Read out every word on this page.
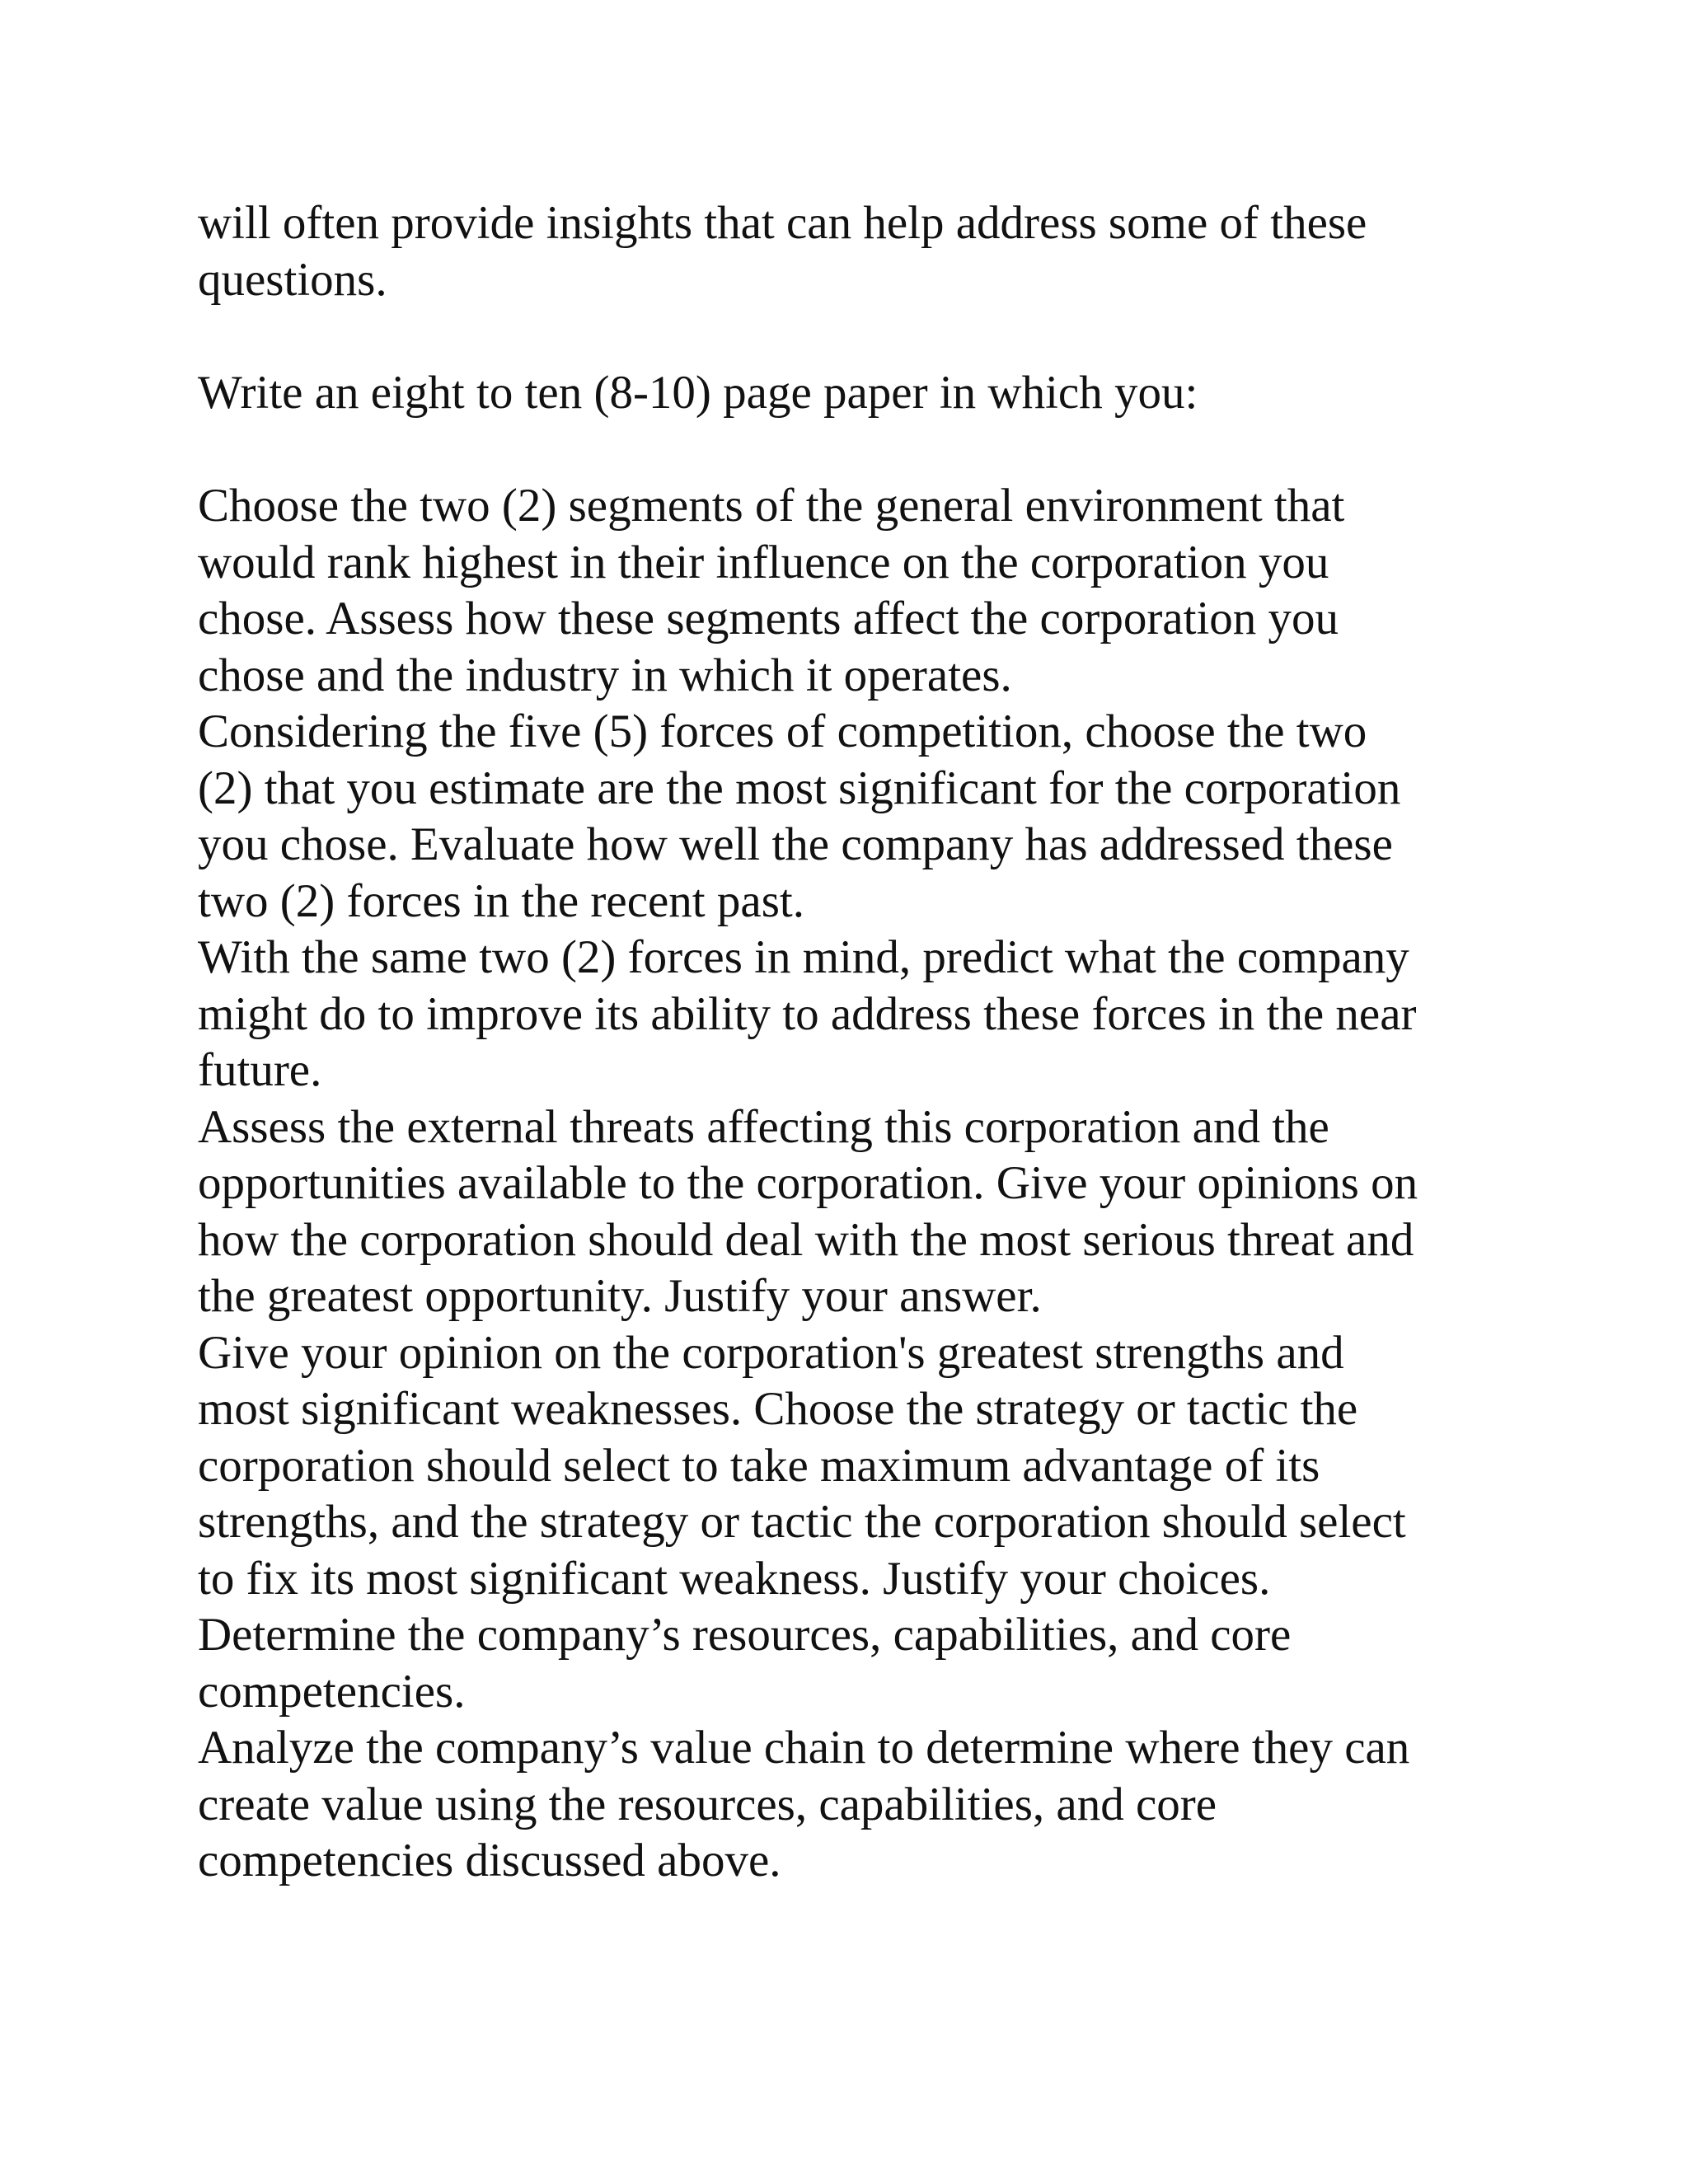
will often provide insights that can help address some of these
questions.

Write an eight to ten (8-10) page paper in which you:

Choose the two (2) segments of the general environment that
would rank highest in their influence on the corporation you
chose. Assess how these segments affect the corporation you
chose and the industry in which it operates.

Considering the five (5) forces of competition, choose the two
(2) that you estimate are the most significant for the corporation
you chose. Evaluate how well the company has addressed these
two (2) forces in the recent past.

With the same two (2) forces in mind, predict what the company
might do to improve its ability to address these forces in the near
future.

Assess the external threats affecting this corporation and the
opportunities available to the corporation. Give your opinions on
how the corporation should deal with the most serious threat and
the greatest opportunity. Justify your answer.

Give your opinion on the corporation's greatest strengths and
most significant weaknesses. Choose the strategy or tactic the
corporation should select to take maximum advantage of its
strengths, and the strategy or tactic the corporation should select
to fix its most significant weakness. Justify your choices.

Determine the company’s resources, capabilities, and core
competencies.

Analyze the company’s value chain to determine where they can
create value using the resources, capabilities, and core
competencies discussed above.
